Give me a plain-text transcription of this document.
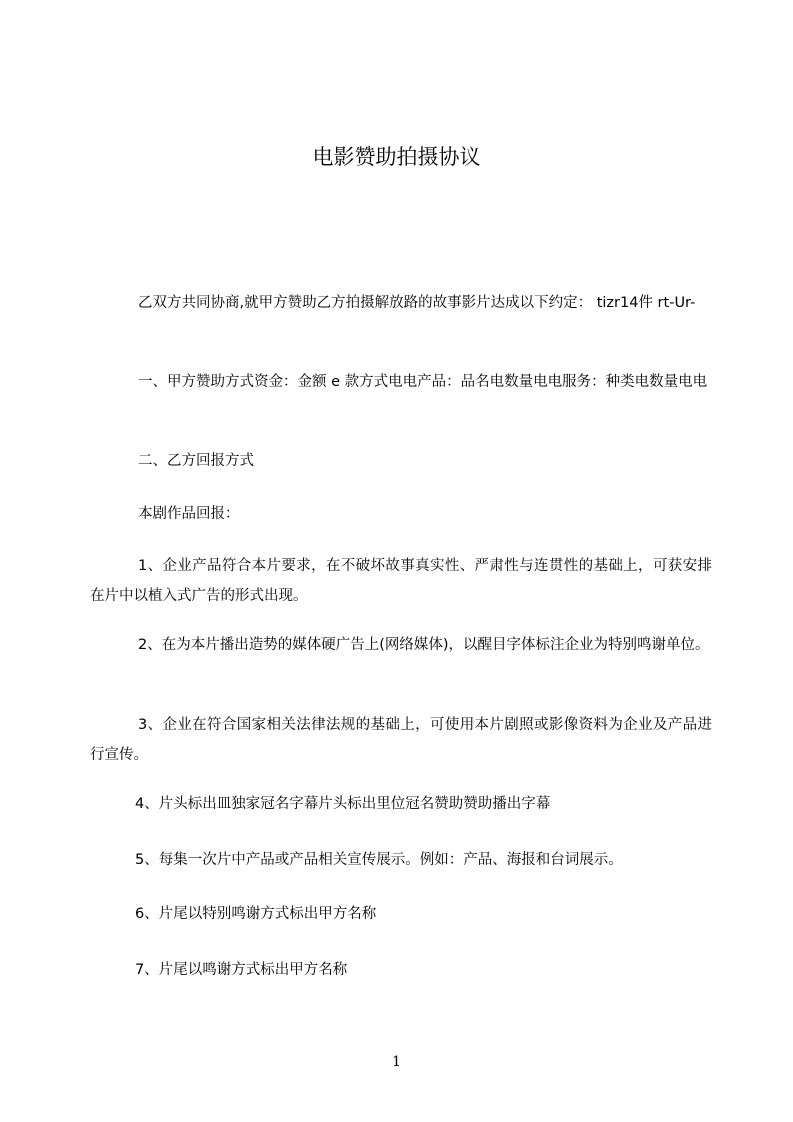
电影赞助拍摄协议

乙双方共同协商,就甲方赞助乙方拍摄解放路的故事影片达成以下约定： tizr14件 rt-Ur-

一、甲方赞助方式资金：金额 e 款方式电电产品：品名电数量电电服务：种类电数量电电

二、乙方回报方式

本剧作品回报：

1、企业产品符合本片要求，在不破坏故事真实性、严肃性与连贯性的基础上，可获安排在片中以植入式广告的形式出现。

2、在为本片播出造势的媒体硬广告上(网络媒体)，以醒目字体标注企业为特别鸣谢单位。

3、企业在符合国家相关法律法规的基础上，可使用本片剧照或影像资料为企业及产品进行宣传。

4、片头标出皿独家冠名字幕片头标出里位冠名赞助赞助播出字幕

5、每集一次片中产品或产品相关宣传展示。例如：产品、海报和台词展示。

6、片尾以特别鸣谢方式标出甲方名称

7、片尾以鸣谢方式标出甲方名称

1
